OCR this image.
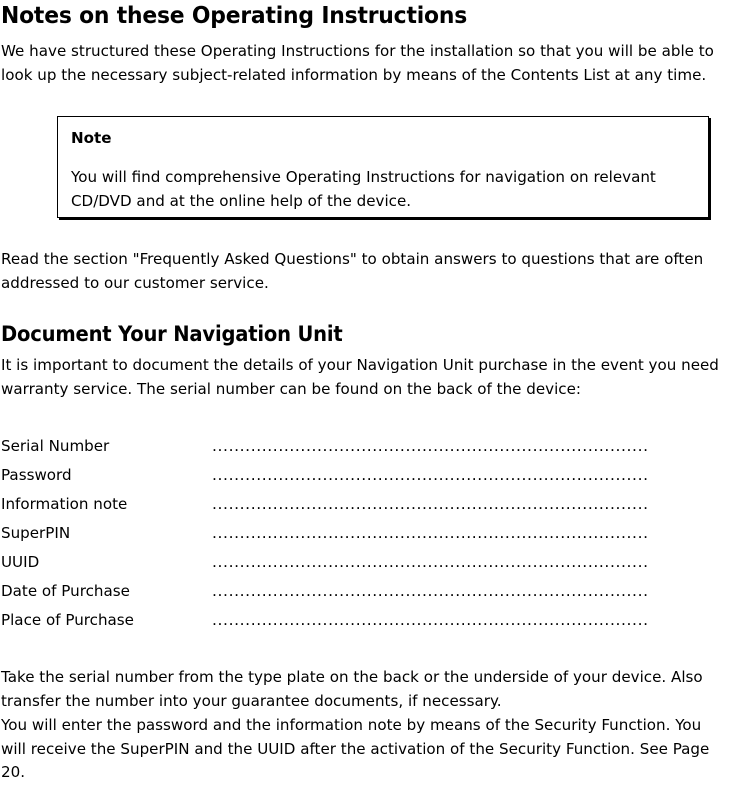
Notes on these Operating Instructions

We have structured these Operating Instructions for the installation so that you will be able to look up the necessary subject-related information by means of the Contents List at any time.

Note
You will find comprehensive Operating Instructions for navigation on relevant CD/DVD and at the online help of the device.

Read the section "Frequently Asked Questions" to obtain answers to questions that are often addressed to our customer service.

Document Your Navigation Unit

It is important to document the details of your Navigation Unit purchase in the event you need warranty service. The serial number can be found on the back of the device:

Serial Number	...............................................................................
Password	...............................................................................
Information note	...............................................................................
SuperPIN	...............................................................................
UUID	...............................................................................
Date of Purchase	...............................................................................
Place of Purchase	...............................................................................

Take the serial number from the type plate on the back or the underside of your device. Also transfer the number into your guarantee documents, if necessary.

You will enter the password and the information note by means of the Security Function. You will receive the SuperPIN and the UUID after the activation of the Security Function. See Page 20.
